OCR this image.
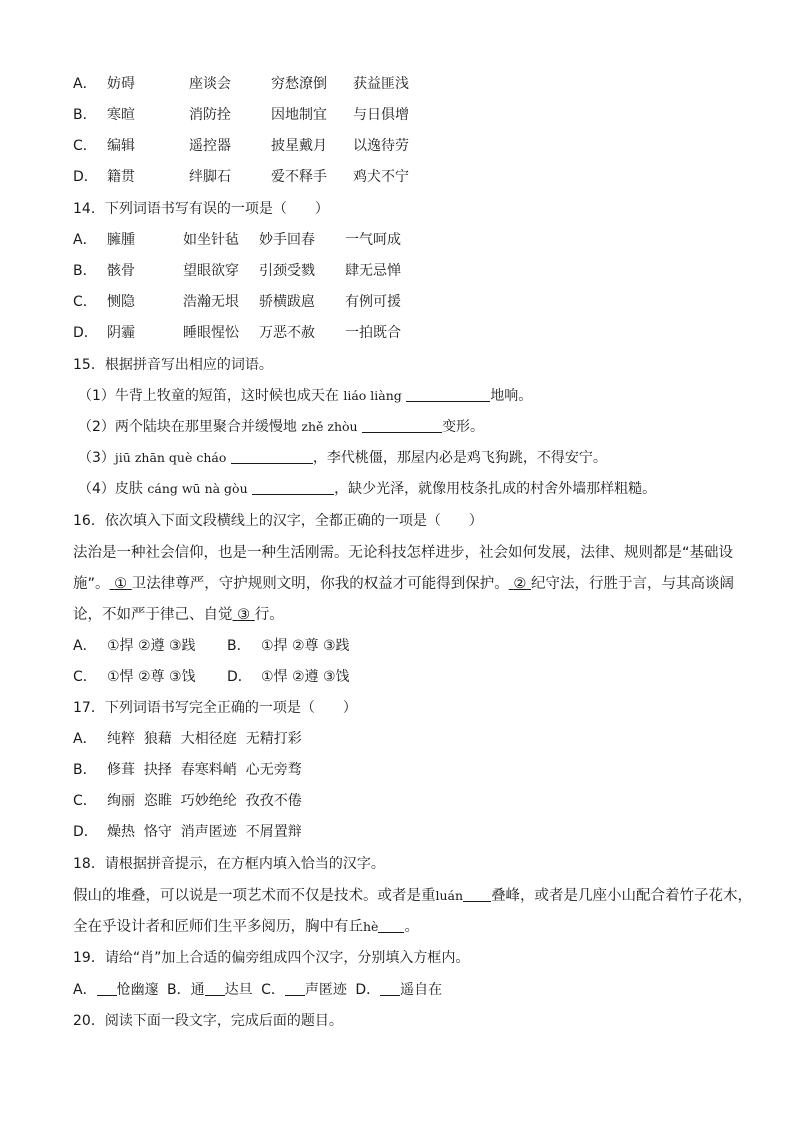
A． 妨碍	座谈会	穷愁潦倒 获益匪浅
B． 寒暄	消防拴	因地制宜 与日俱增
C． 编辑	遥控器	披星戴月 以逸待劳
D． 籍贯	绊脚石	爱不释手 鸡犬不宁
14．下列词语书写有误的一项是（　　）
A． 臃腫	如坐针毡 妙手回春 一气呵成
B． 骸骨	望眼欲穿 引颈受戮 肆无忌惮
C． 恻隐	浩瀚无垠 骄横跋扈 有例可援
D． 阴霾	睡眼惺忪 万恶不赦 一拍既合
15．根据拼音写出相应的词语。
（1）牛背上牧童的短笛，这时候也成天在 liáo liàng	地响。
（2）两个陆块在那里聚合并缓慢地 zhě zhòu	变形。
（3）jiū zhān què cháo	，李代桃僵，那屋内必是鸡飞狗跳，不得安宁。
（4）皮肤 cáng wū nà gòu	，缺少光泽，就像用枝条扎成的村舍外墙那样粗糙。
16．依次填入下面文段横线上的汉字，全都正确的一项是（　　）
法治是一种社会信仰，也是一种生活刚需。无论科技怎样进步，社会如何发展，法律、规则都是“基础设
施”。 ① 卫法律尊严，守护规则文明，你我的权益才可能得到保护。 ② 纪守法，行胜于言，与其高谈阔
论，不如严于律己、自觉 ③ 行。
A． ①捍 ②遵 ③践 B． ①捍 ②尊 ③践
C． ①悍 ②尊 ③饯 D． ①悍 ②遵 ③饯
17．下列词语书写完全正确的一项是（　　）
A． 纯粹  狼藉  大相径庭  无精打彩
B． 修葺  抉择  春寒料峭  心无旁骛
C． 绚丽  恣睢  巧妙绝纶  孜孜不倦
D． 燥热  恪守  消声匿迹  不屑置辩
18．请根据拼音提示，在方框内填入恰当的汉字。
假山的堆叠，可以说是一项艺术而不仅是技术。或者是重luán 叠峰，或者是几座小山配合着竹子花木，
全在乎设计者和匠师们生平多阅历，胸中有丘hè 。
19．请给“肖”加上合适的偏旁组成四个汉字，分别填入方框内。
A． 怆幽邃 B．通 达旦 C． 声匿迹 D． 遥自在
20．阅读下面一段文字，完成后面的题目。
